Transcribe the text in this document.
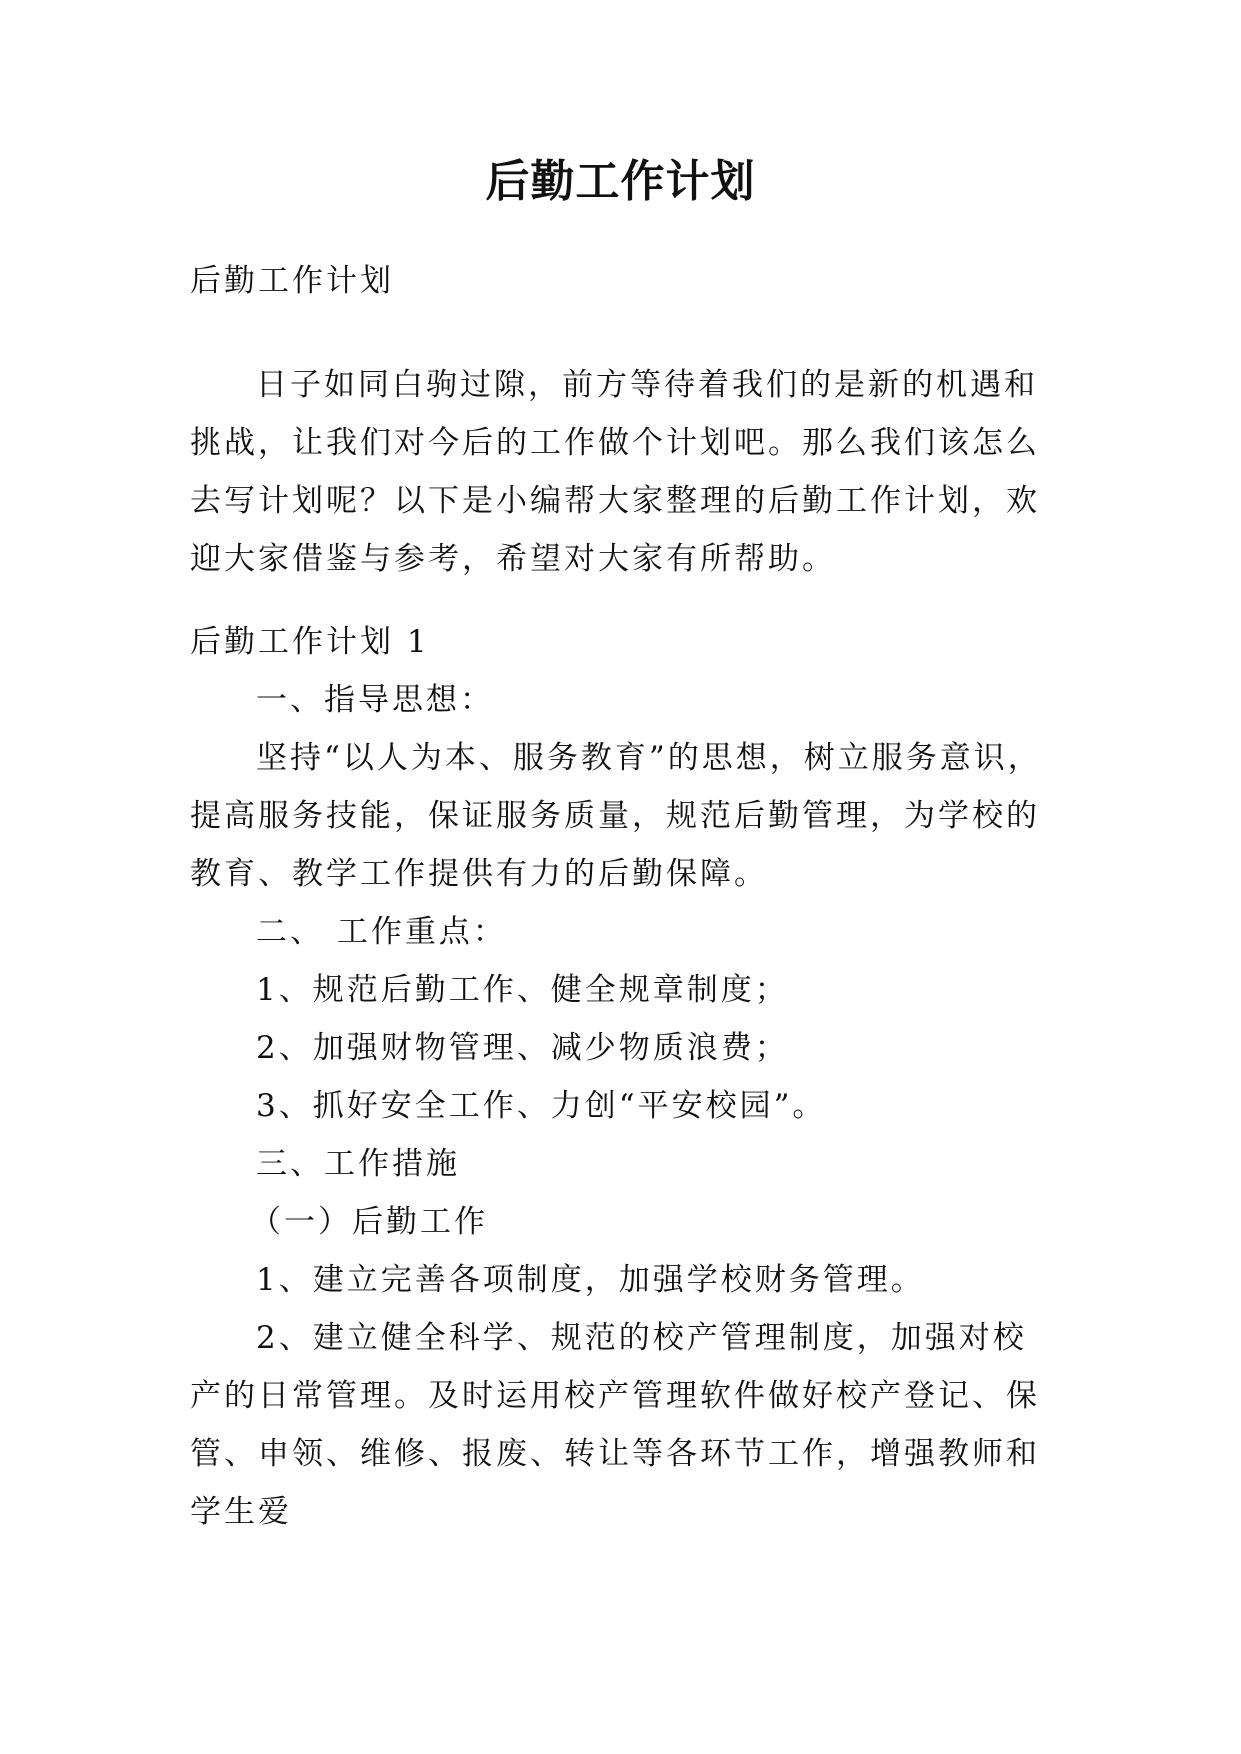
后勤工作计划

后勤工作计划

日子如同白驹过隙，前方等待着我们的是新的机遇和挑战，让我们对今后的工作做个计划吧。那么我们该怎么去写计划呢？以下是小编帮大家整理的后勤工作计划，欢迎大家借鉴与参考，希望对大家有所帮助。

后勤工作计划 1

一、指导思想：

坚持“以人为本、服务教育”的思想，树立服务意识，提高服务技能，保证服务质量，规范后勤管理，为学校的教育、教学工作提供有力的后勤保障。

二、 工作重点：

1、规范后勤工作、健全规章制度；

2、加强财物管理、减少物质浪费；

3、抓好安全工作、力创“平安校园”。

三、工作措施

（一）后勤工作

1、建立完善各项制度，加强学校财务管理。

2、建立健全科学、规范的校产管理制度，加强对校产的日常管理。及时运用校产管理软件做好校产登记、保管、申领、维修、报废、转让等各环节工作，增强教师和学生爱
